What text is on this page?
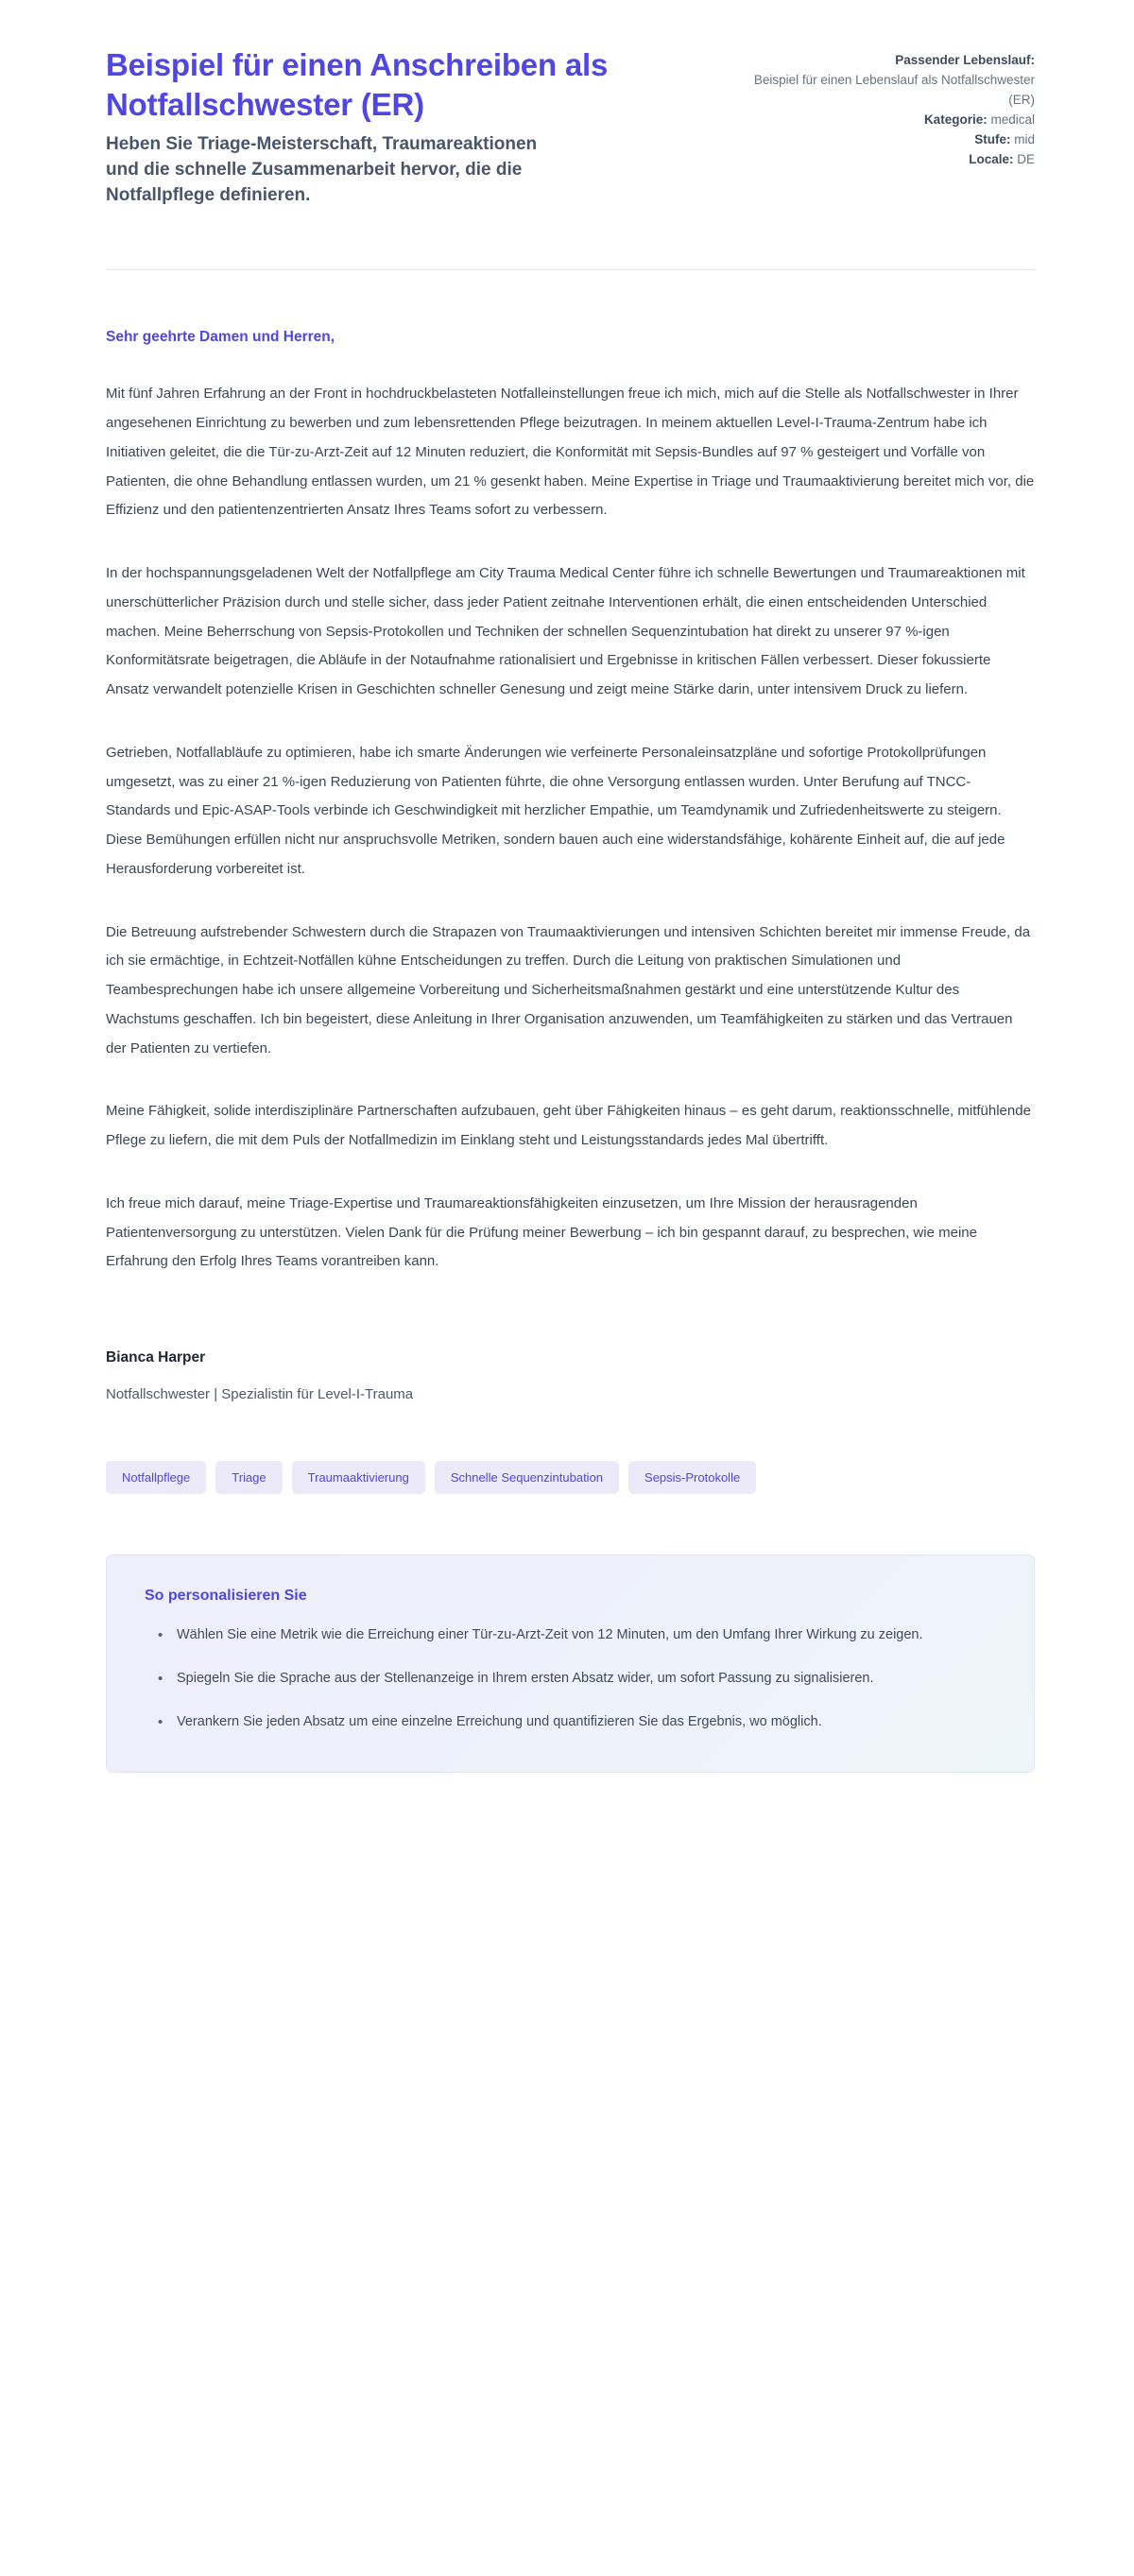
Beispiel für einen Anschreiben als Notfallschwester (ER)

Heben Sie Triage-Meisterschaft, Traumareaktionen und die schnelle Zusammenarbeit hervor, die die Notfallpflege definieren.

Passender Lebenslauf:
Beispiel für einen Lebenslauf als Notfallschwester (ER)
Kategorie: medical
Stufe: mid
Locale: DE

Sehr geehrte Damen und Herren,

Mit fünf Jahren Erfahrung an der Front in hochdruckbelasteten Notfalleinstellungen freue ich mich, mich auf die Stelle als Notfallschwester in Ihrer angesehenen Einrichtung zu bewerben und zum lebensrettenden Pflege beizutragen. In meinem aktuellen Level-I-Trauma-Zentrum habe ich Initiativen geleitet, die die Tür-zu-Arzt-Zeit auf 12 Minuten reduziert, die Konformität mit Sepsis-Bundles auf 97 % gesteigert und Vorfälle von Patienten, die ohne Behandlung entlassen wurden, um 21 % gesenkt haben. Meine Expertise in Triage und Traumaaktivierung bereitet mich vor, die Effizienz und den patientenzentrierten Ansatz Ihres Teams sofort zu verbessern.

In der hochspannungsgeladenen Welt der Notfallpflege am City Trauma Medical Center führe ich schnelle Bewertungen und Traumareaktionen mit unerschütterlicher Präzision durch und stelle sicher, dass jeder Patient zeitnahe Interventionen erhält, die einen entscheidenden Unterschied machen. Meine Beherrschung von Sepsis-Protokollen und Techniken der schnellen Sequenzintubation hat direkt zu unserer 97 %-igen Konformitätsrate beigetragen, die Abläufe in der Notaufnahme rationalisiert und Ergebnisse in kritischen Fällen verbessert. Dieser fokussierte Ansatz verwandelt potenzielle Krisen in Geschichten schneller Genesung und zeigt meine Stärke darin, unter intensivem Druck zu liefern.

Getrieben, Notfallabläufe zu optimieren, habe ich smarte Änderungen wie verfeinerte Personaleinsatzpläne und sofortige Protokollprüfungen umgesetzt, was zu einer 21 %-igen Reduzierung von Patienten führte, die ohne Versorgung entlassen wurden. Unter Berufung auf TNCC-Standards und Epic-ASAP-Tools verbinde ich Geschwindigkeit mit herzlicher Empathie, um Teamdynamik und Zufriedenheitswerte zu steigern. Diese Bemühungen erfüllen nicht nur anspruchsvolle Metriken, sondern bauen auch eine widerstandsfähige, kohärente Einheit auf, die auf jede Herausforderung vorbereitet ist.

Die Betreuung aufstrebender Schwestern durch die Strapazen von Traumaaktivierungen und intensiven Schichten bereitet mir immense Freude, da ich sie ermächtige, in Echtzeit-Notfällen kühne Entscheidungen zu treffen. Durch die Leitung von praktischen Simulationen und Teambesprechungen habe ich unsere allgemeine Vorbereitung und Sicherheitsmaßnahmen gestärkt und eine unterstützende Kultur des Wachstums geschaffen. Ich bin begeistert, diese Anleitung in Ihrer Organisation anzuwenden, um Teamfähigkeiten zu stärken und das Vertrauen der Patienten zu vertiefen.

Meine Fähigkeit, solide interdisziplinäre Partnerschaften aufzubauen, geht über Fähigkeiten hinaus – es geht darum, reaktionsschnelle, mitfühlende Pflege zu liefern, die mit dem Puls der Notfallmedizin im Einklang steht und Leistungsstandards jedes Mal übertrifft.

Ich freue mich darauf, meine Triage-Expertise und Traumareaktionsfähigkeiten einzusetzen, um Ihre Mission der herausragenden Patientenversorgung zu unterstützen. Vielen Dank für die Prüfung meiner Bewerbung – ich bin gespannt darauf, zu besprechen, wie meine Erfahrung den Erfolg Ihres Teams vorantreiben kann.

Bianca Harper

Notfallschwester | Spezialistin für Level-I-Trauma

Notfallpflege	Triage	Traumaaktivierung	Schnelle Sequenzintubation	Sepsis-Protokolle
So personalisieren Sie
• Wählen Sie eine Metrik wie die Erreichung einer Tür-zu-Arzt-Zeit von 12 Minuten, um den Umfang Ihrer Wirkung zu zeigen.
• Spiegeln Sie die Sprache aus der Stellenanzeige in Ihrem ersten Absatz wider, um sofort Passung zu signalisieren.
• Verankern Sie jeden Absatz um eine einzelne Erreichung und quantifizieren Sie das Ergebnis, wo möglich.
